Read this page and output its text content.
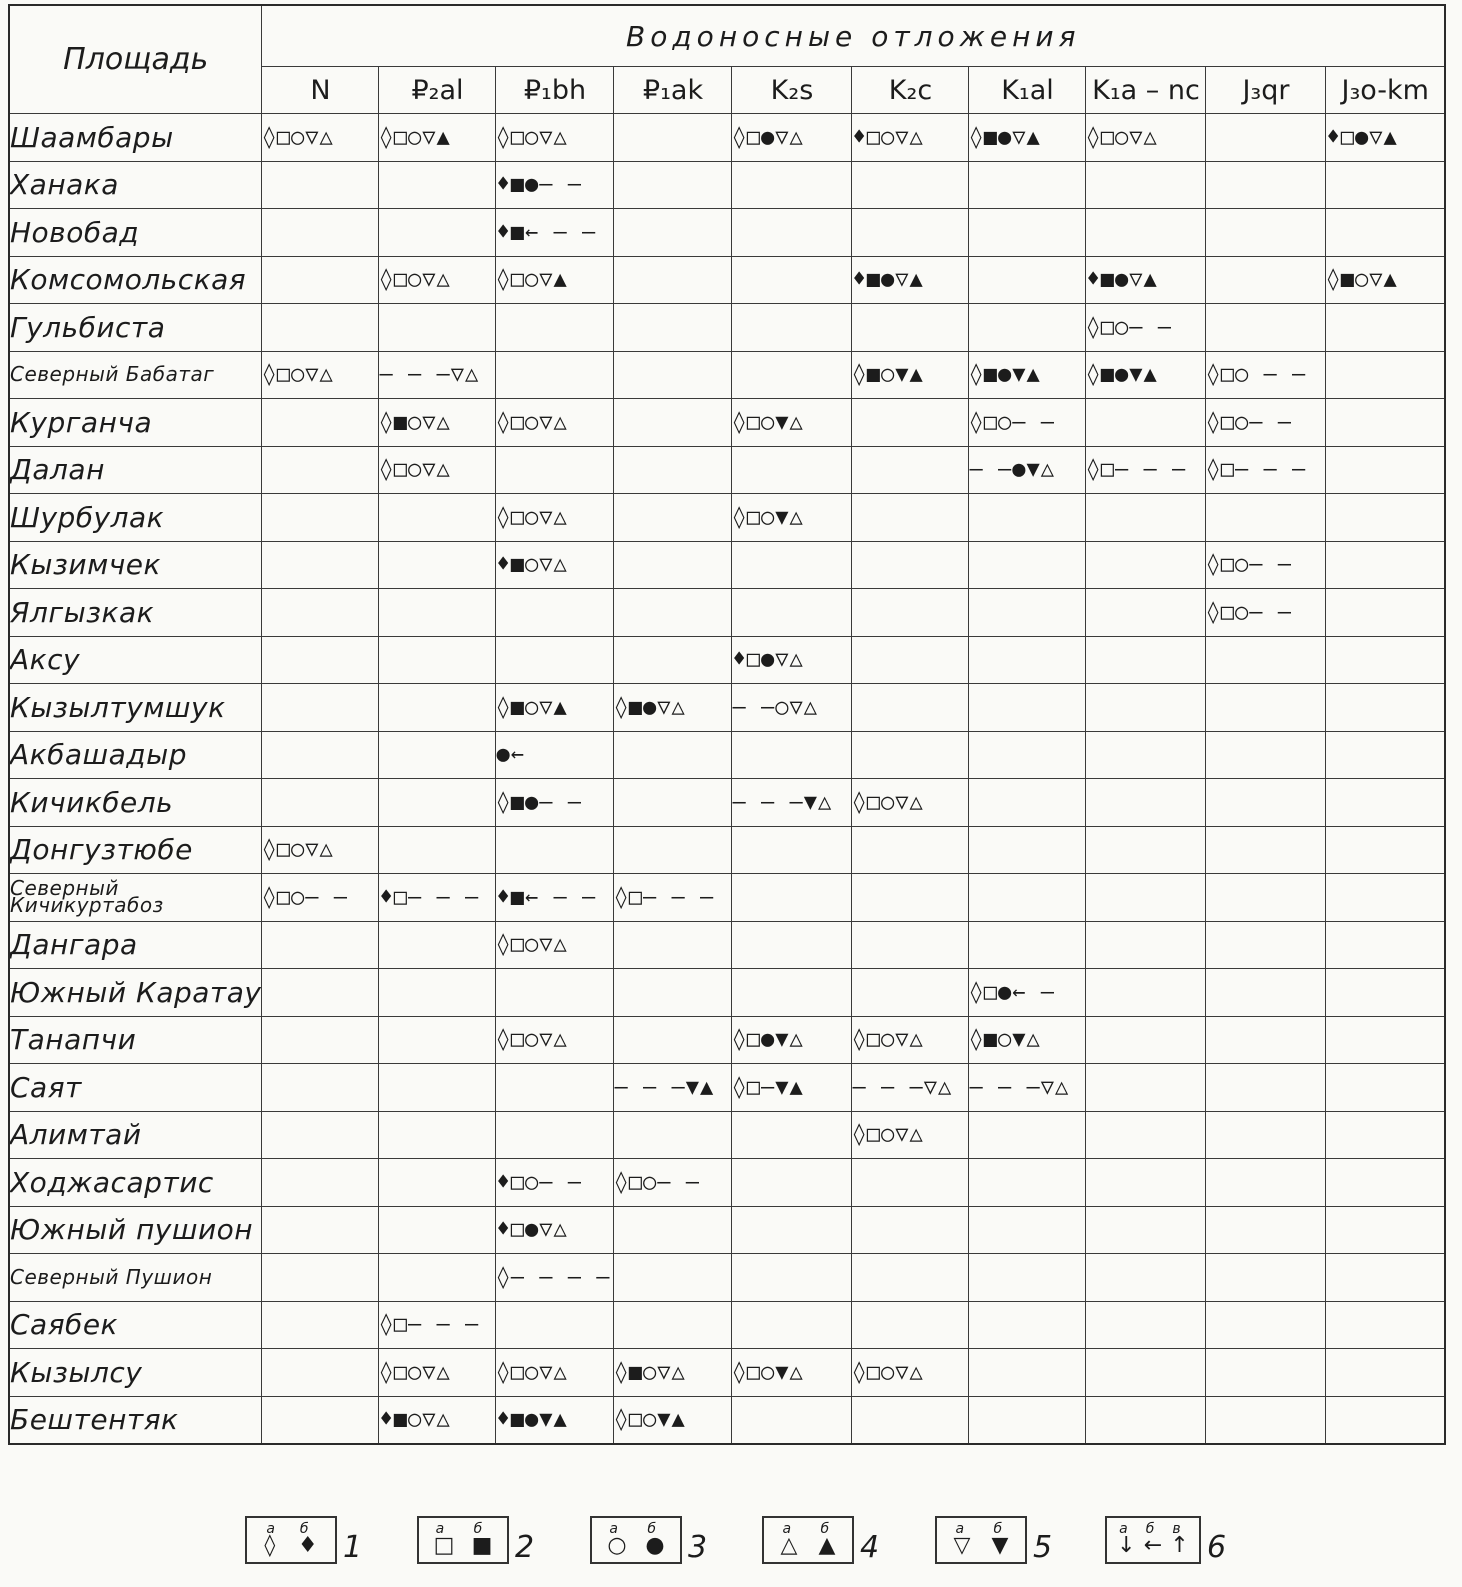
Площадь	Водоносные отложения									
	N	₽₂al	₽₁bh	₽₁ak	K₂s	K₂c	K₁al	K₁a – nc	J₃qr	J₃o-km
Шаамбары	◊□○▽△	◊□○▽▲	◊□○▽△		◊□●▽△	♦□○▽△	◊■●▽▲	◊□○▽△		♦□●▽▲
Ханака			♦■●– –							
Новобад			♦■← – –							
Комсомольская		◊□○▽△	◊□○▽▲			♦■●▽▲		♦■●▽▲		◊■○▽▲
Гульбиста								◊□○– –		
Северный Бабатаг	◊□○▽△	– – –▽△				◊■○▼▲	◊■●▼▲	◊■●▼▲	◊□○ – –	
Курганча		◊■○▽△	◊□○▽△		◊□○▼△		◊□○– –		◊□○– –	
Далан		◊□○▽△					– –●▼△	◊□– – –	◊□– – –	
Шурбулак			◊□○▽△		◊□○▼△					
Кызимчек			♦■○▽△						◊□○– –	
Ялгызкак									◊□○– –	
Аксу					♦□●▽△					
Кызылтумшук			◊■○▽▲	◊■●▽△	– –○▽△					
Акбашадыр			●←							
Кичикбель			◊■●– –		– – –▼△	◊□○▽△				
Донгузтюбе	◊□○▽△									
Северный Кичикуртабоз	◊□○– –	♦□– – –	♦■← – –	◊□– – –						
Дангара			◊□○▽△							
Южный Каратау							◊□●← –			
Танапчи			◊□○▽△		◊□●▼△	◊□○▽△	◊■○▼△			
Саят				– – –▼▲	◊□–▼▲	– – –▽△	– – –▽△			
Алимтай						◊□○▽△				
Ходжасартис			♦□○– –	◊□○– –						
Южный пушион			♦□●▽△							
Северный Пушион			◊– – – –							
Саябек		◊□– – –								
Кызылсу		◊□○▽△	◊□○▽△	◊■○▽△	◊□○▼△	◊□○▽△				
Бештентяк		♦■○▽△	♦■●▼▲	◊□○▼▲						
а
◊
б
♦ 1
а
□
б
■ 2
а
○
б
● 3
а
△
б
▲ 4
а
▽
б
▼ 5
а
↓
б
←
в
↑ 6
